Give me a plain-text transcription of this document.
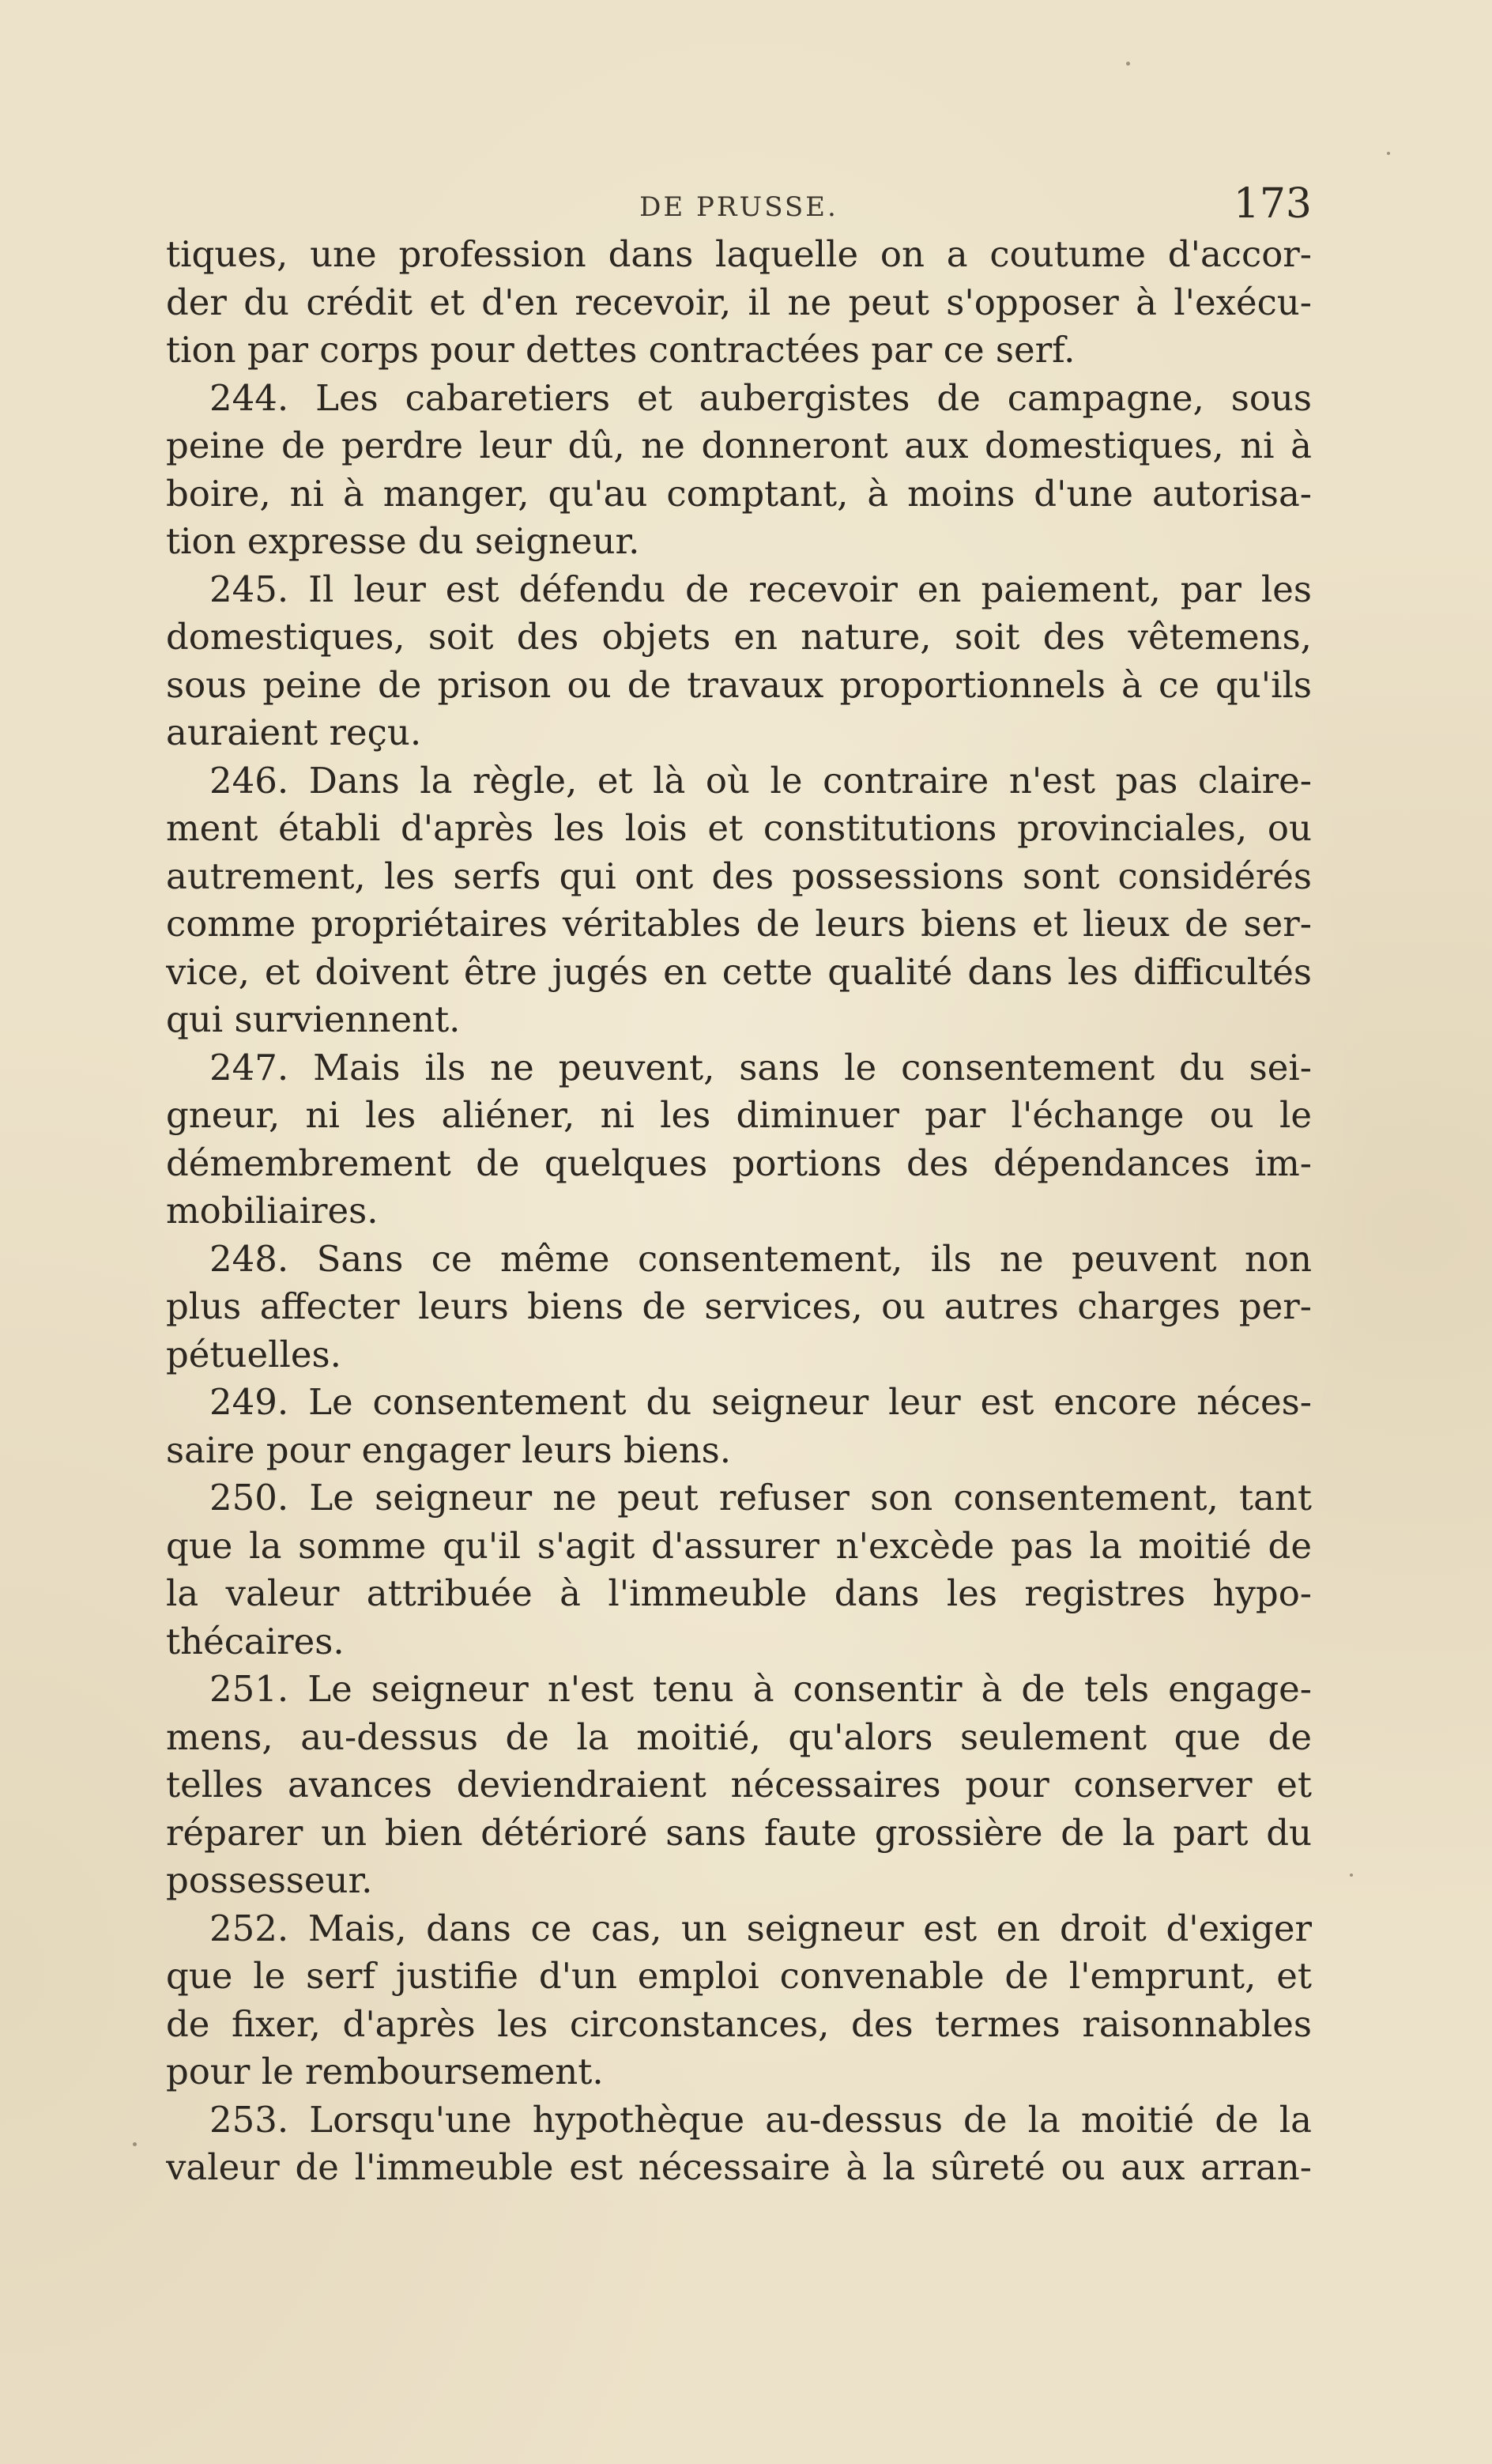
DE PRUSSE.	173
tiques, une profession dans laquelle on a coutume d'accor-
der du crédit et d'en recevoir, il ne peut s'opposer à l'exécu-
tion par corps pour dettes contractées par ce serf.
244. Les cabaretiers et aubergistes de campagne, sous
peine de perdre leur dû, ne donneront aux domestiques, ni à
boire, ni à manger, qu'au comptant, à moins d'une autorisa-
tion expresse du seigneur.
245. Il leur est défendu de recevoir en paiement, par les
domestiques, soit des objets en nature, soit des vêtemens,
sous peine de prison ou de travaux proportionnels à ce qu'ils
auraient reçu.
246. Dans la règle, et là où le contraire n'est pas claire-
ment établi d'après les lois et constitutions provinciales, ou
autrement, les serfs qui ont des possessions sont considérés
comme propriétaires véritables de leurs biens et lieux de ser-
vice, et doivent être jugés en cette qualité dans les difficultés
qui surviennent.
247. Mais ils ne peuvent, sans le consentement du sei-
gneur, ni les aliéner, ni les diminuer par l'échange ou le
démembrement de quelques portions des dépendances im-
mobiliaires.
248. Sans ce même consentement, ils ne peuvent non
plus affecter leurs biens de services, ou autres charges per-
pétuelles.
249. Le consentement du seigneur leur est encore néces-
saire pour engager leurs biens.
250. Le seigneur ne peut refuser son consentement, tant
que la somme qu'il s'agit d'assurer n'excède pas la moitié de
la valeur attribuée à l'immeuble dans les registres hypo-
thécaires.
251. Le seigneur n'est tenu à consentir à de tels engage-
mens, au-dessus de la moitié, qu'alors seulement que de
telles avances deviendraient nécessaires pour conserver et
réparer un bien détérioré sans faute grossière de la part du
possesseur.
252. Mais, dans ce cas, un seigneur est en droit d'exiger
que le serf justifie d'un emploi convenable de l'emprunt, et
de fixer, d'après les circonstances, des termes raisonnables
pour le remboursement.
253. Lorsqu'une hypothèque au-dessus de la moitié de la
valeur de l'immeuble est nécessaire à la sûreté ou aux arran-
